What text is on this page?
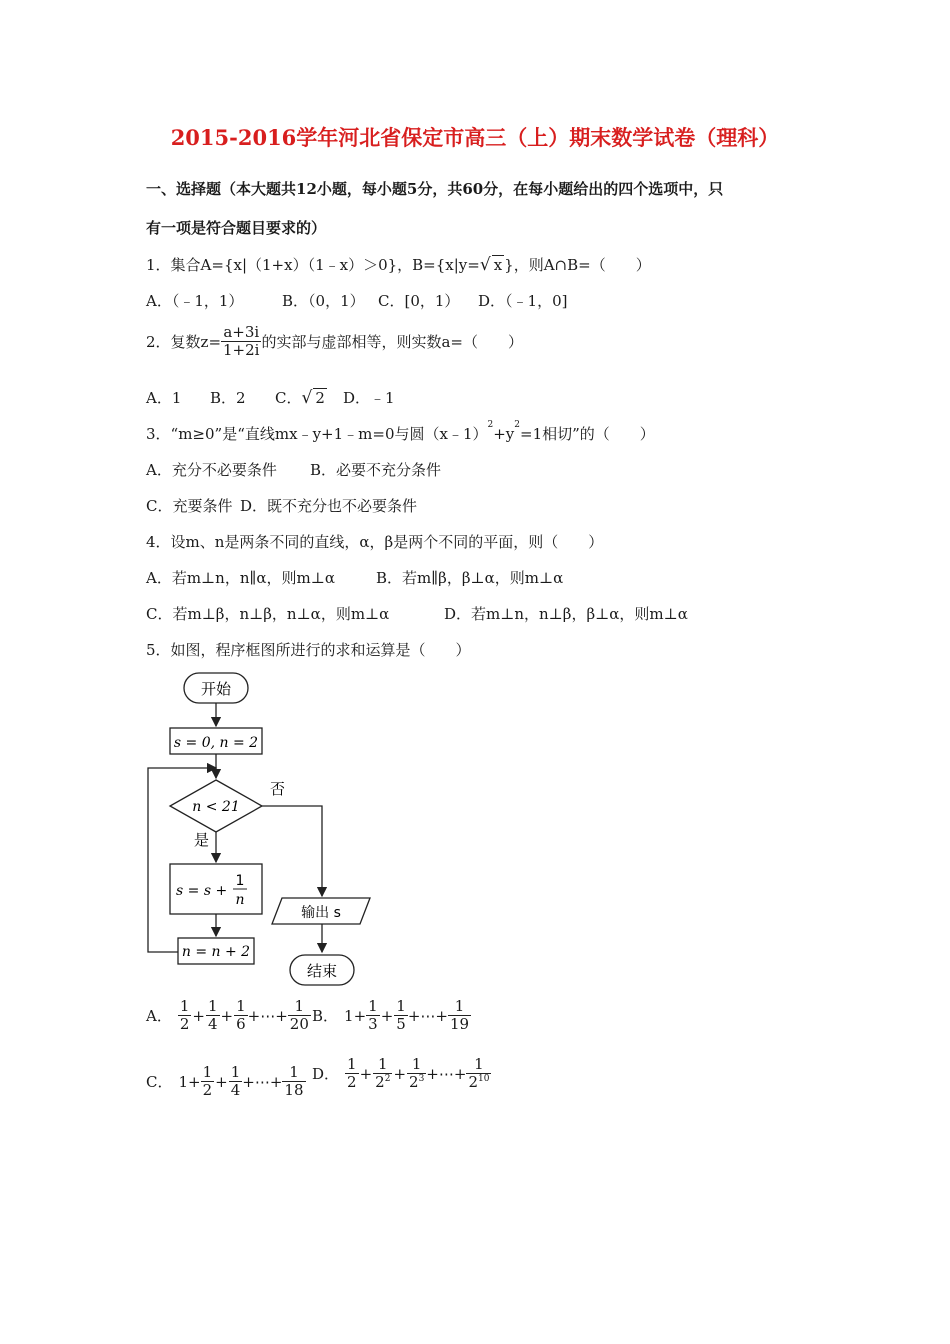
2015-2016学年河北省保定市高三（上）期末数学试卷（理科）
一、选择题（本大题共12小题，每小题5分，共60分，在每小题给出的四个选项中，只
有一项是符合题目要求的）
1．集合A={x|（1+x）（1﹣x）＞0}，B={x|y=√ x }，则A∩B=（　　）
A．（﹣1，1）	B．（0，1） C．[0，1） D．（﹣1，0]
2．复数$z= \frac{a+3i}{1+2i}$ 的实部与虚部相等，则实数a=（　　）
A．1 B．2 C．√ 2 D．﹣1
3．“m≥0”是“直线mx﹣y+1﹣m=0与圆$(x﹣1)^2+y^2=1$相切”的（　　）
A．充分不必要条件 B．必要不充分条件
C．充要条件 D．既不充分也不必要条件
4．设m、n是两条不同的直线，α，β是两个不同的平面，则（　　）
A．若m⊥n，n∥α，则m⊥α	B．若m∥β，β⊥α，则m⊥α
C．若m⊥β，n⊥β，n⊥α，则m⊥α	D．若m⊥n，n⊥β，β⊥α，则m⊥α
5．如图，程序框图所进行的求和运算是（　　）
开始
s = 0, n = 2
n < 21
否
是
s = s +
1
n
n = n + 2
输出 s
结束
A． $\frac{1}{2} + \frac{1}{4} + \frac{1}{6}$ +⋯+ $\frac{1}{20}$ B． $1+ \frac{1}{3} + \frac{1}{5}$ +⋯+ $\frac{1}{19}$
C． $1+ \frac{1}{2} + \frac{1}{4}$ +⋯+ $\frac{1}{18}$ D． $\frac{1}{2} + \frac{1}{2^2} + \frac{1}{2^3}$ +⋯+ $\frac{1}{2^{10}}$
